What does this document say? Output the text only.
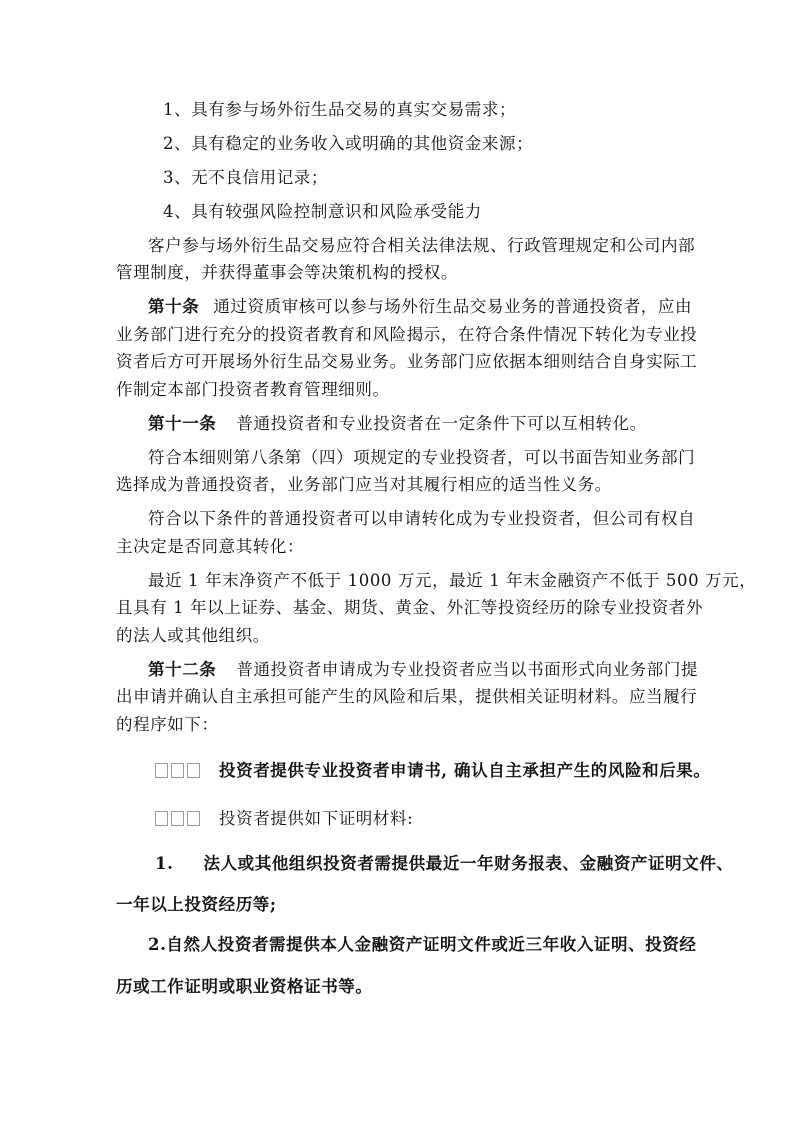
1、具有参与场外衍生品交易的真实交易需求；
2、具有稳定的业务收入或明确的其他资金来源；
3、无不良信用记录；
4、具有较强风险控制意识和风险承受能力
客户参与场外衍生品交易应符合相关法律法规、行政管理规定和公司内部
管理制度，并获得董事会等决策机构的授权。
第十条 通过资质审核可以参与场外衍生品交易业务的普通投资者，应由
业务部门进行充分的投资者教育和风险揭示，在符合条件情况下转化为专业投
资者后方可开展场外衍生品交易业务。业务部门应依据本细则结合自身实际工
作制定本部门投资者教育管理细则。
第十一条 普通投资者和专业投资者在一定条件下可以互相转化。
符合本细则第八条第（四）项规定的专业投资者，可以书面告知业务部门
选择成为普通投资者，业务部门应当对其履行相应的适当性义务。
符合以下条件的普通投资者可以申请转化成为专业投资者，但公司有权自
主决定是否同意其转化：
最近 1 年末净资产不低于 1000 万元，最近 1 年末金融资产不低于 500 万元，
且具有 1 年以上证券、基金、期货、黄金、外汇等投资经历的除专业投资者外
的法人或其他组织。
第十二条 普通投资者申请成为专业投资者应当以书面形式向业务部门提
出申请并确认自主承担可能产生的风险和后果，提供相关证明材料。应当履行
的程序如下：
投资者提供专业投资者申请书, 确认自主承担产生的风险和后果。
投资者提供如下证明材料:
1. 法人或其他组织投资者需提供最近一年财务报表、金融资产证明文件、
一年以上投资经历等;
2.自然人投资者需提供本人金融资产证明文件或近三年收入证明、投资经
历或工作证明或职业资格证书等。
